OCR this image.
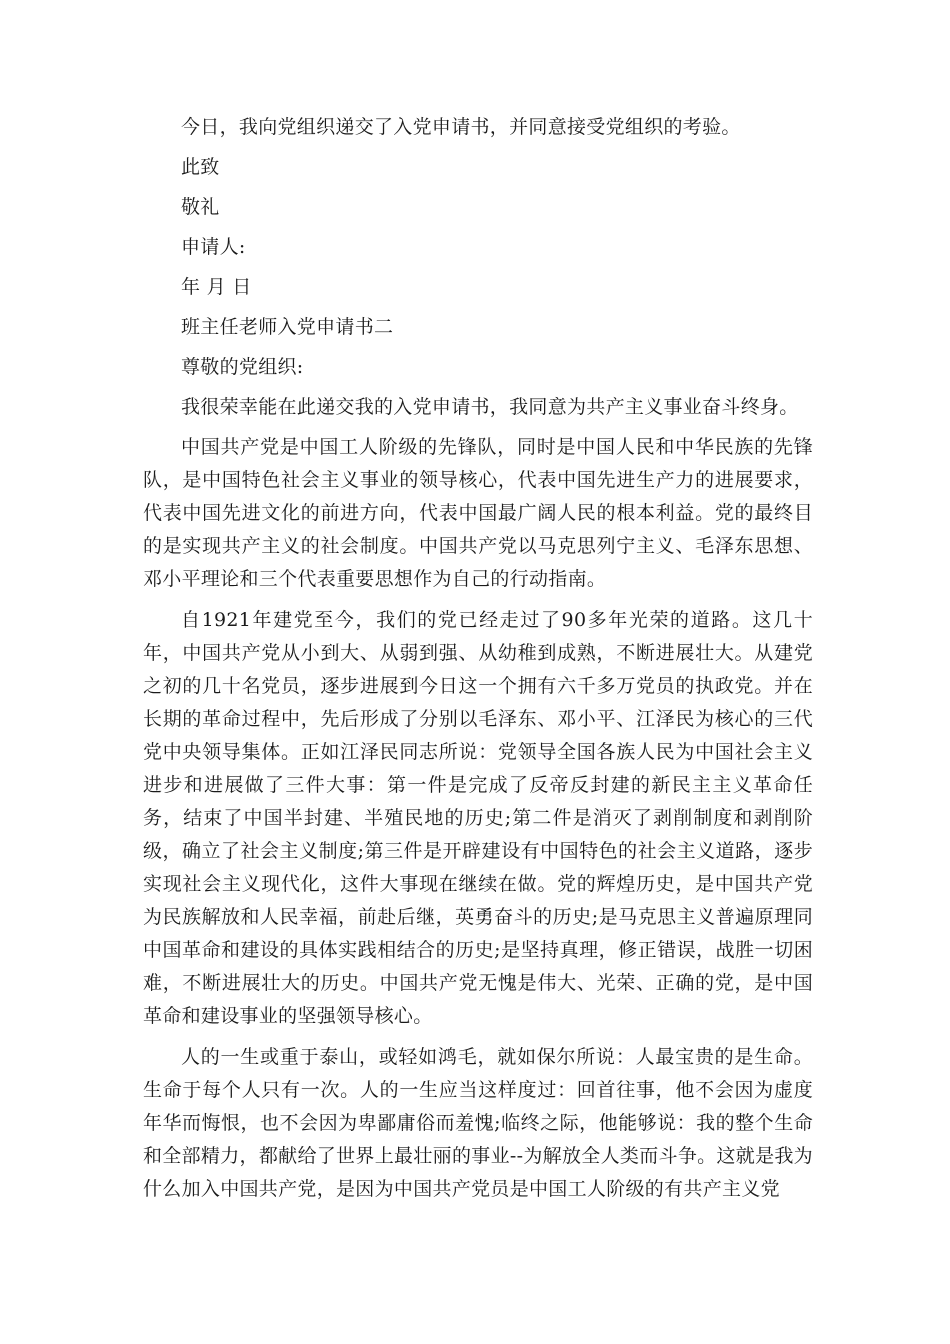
今日，我向党组织递交了入党申请书，并同意接受党组织的考验。

此致

敬礼

申请人:

年 月 日

班主任老师入党申请书二

尊敬的党组织:

我很荣幸能在此递交我的入党申请书，我同意为共产主义事业奋斗终身。

中国共产党是中国工人阶级的先锋队，同时是中国人民和中华民族的先锋队，是中国特色社会主义事业的领导核心，代表中国先进生产力的进展要求，代表中国先进文化的前进方向，代表中国最广阔人民的根本利益。党的最终目的是实现共产主义的社会制度。中国共产党以马克思列宁主义、毛泽东思想、邓小平理论和三个代表重要思想作为自己的行动指南。

自1921年建党至今，我们的党已经走过了90多年光荣的道路。这几十年，中国共产党从小到大、从弱到强、从幼稚到成熟，不断进展壮大。从建党之初的几十名党员，逐步进展到今日这一个拥有六千多万党员的执政党。并在长期的革命过程中，先后形成了分别以毛泽东、邓小平、江泽民为核心的三代党中央领导集体。正如江泽民同志所说：党领导全国各族人民为中国社会主义进步和进展做了三件大事：第一件是完成了反帝反封建的新民主主义革命任务，结束了中国半封建、半殖民地的历史;第二件是消灭了剥削制度和剥削阶级，确立了社会主义制度;第三件是开辟建设有中国特色的社会主义道路，逐步实现社会主义现代化，这件大事现在继续在做。党的辉煌历史，是中国共产党为民族解放和人民幸福，前赴后继，英勇奋斗的历史;是马克思主义普遍原理同中国革命和建设的具体实践相结合的历史;是坚持真理，修正错误，战胜一切困难，不断进展壮大的历史。中国共产党无愧是伟大、光荣、正确的党，是中国革命和建设事业的坚强领导核心。

人的一生或重于泰山，或轻如鸿毛，就如保尔所说：人最宝贵的是生命。生命于每个人只有一次。人的一生应当这样度过：回首往事，他不会因为虚度年华而悔恨，也不会因为卑鄙庸俗而羞愧;临终之际，他能够说：我的整个生命和全部精力，都献给了世界上最壮丽的事业--为解放全人类而斗争。这就是我为什么加入中国共产党，是因为中国共产党员是中国工人阶级的有共产主义党
